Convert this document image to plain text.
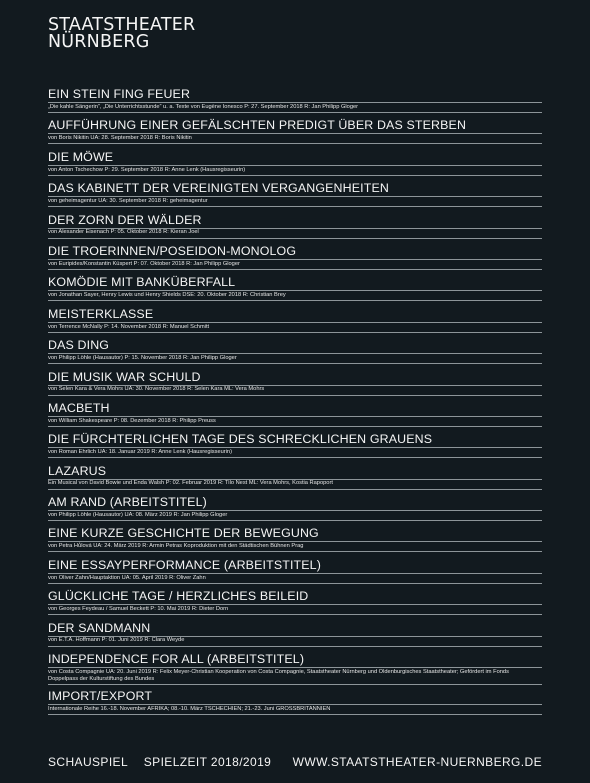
STAATSTHEATER
NÜRNBERG
EIN STEIN FING FEUER
„Die kahle Sängerin“, „Die Unterrichtsstunde“ u. a. Texte von Eugène Ionesco P: 27. September 2018 R: Jan Philipp Gloger
AUFFÜHRUNG EINER GEFÄLSCHTEN PREDIGT ÜBER DAS STERBEN
von Boris Nikitin UA: 28. September 2018 R: Boris Nikitin
DIE MÖWE
von Anton Tschechow P: 29. September 2018 R: Anne Lenk (Hausregisseurin)
DAS KABINETT DER VEREINIGTEN VERGANGENHEITEN
von geheimagentur UA: 30. September 2018 R: geheimagentur
DER ZORN DER WÄLDER
von Alexander Eisenach P: 05. Oktober 2018 R: Kieran Joel
DIE TROERINNEN/POSEIDON-MONOLOG
von Euripides/Konstantin Küspert P: 07. Oktober 2018 R: Jan Philipp Gloger
KOMÖDIE MIT BANKÜBERFALL
von Jonathan Sayer, Henry Lewis und Henry Shields DSE: 20. Oktober 2018 R: Christian Brey
MEISTERKLASSE
von Terrence McNally P: 14. November 2018 R: Manuel Schmitt
DAS DING
von Philipp Löhle (Hausautor) P: 15. November 2018 R: Jan Philipp Gloger
DIE MUSIK WAR SCHULD
von Selen Kara & Vera Mohrs UA: 30. November 2018 R: Selen Kara ML: Vera Mohrs
MACBETH
von William Shakespeare P: 08. Dezember 2018 R: Philipp Preuss
DIE FÜRCHTERLICHEN TAGE DES SCHRECKLICHEN GRAUENS
von Roman Ehrlich UA: 18. Januar 2019 R: Anne Lenk (Hausregisseurin)
LAZARUS
Ein Musical von David Bowie und Enda Walsh P: 02. Februar 2019 R: Tilo Nest ML: Vera Mohrs, Kostia Rapoport
AM RAND (ARBEITSTITEL)
von Philipp Löhle (Hausautor) UA: 08. März 2019 R: Jan Philipp Gloger
EINE KURZE GESCHICHTE DER BEWEGUNG
von Petra Hůlová UA: 24. März 2019 R: Armin Petras Koproduktion mit den Städtischen Bühnen Prag
EINE ESSAYPERFORMANCE (ARBEITSTITEL)
von Oliver Zahn/Hauptaktion UA: 05. April 2019 R: Oliver Zahn
GLÜCKLICHE TAGE / HERZLICHES BEILEID
von Georges Feydeau / Samuel Beckett P: 10. Mai 2019 R: Dieter Dorn
DER SANDMANN
von E.T.A. Hoffmann P: 01. Juni 2019 R: Clara Weyde
INDEPENDENCE FOR ALL (ARBEITSTITEL)
von Costa Compagnie UA: 20. Juni 2019 R: Felix Meyer-Christian Kooperation von Costa Compagnie, Staatstheater Nürnberg und Oldenburgisches Staatstheater; Gefördert im Fonds Doppelpass der Kulturstiftung des Bundes
IMPORT/EXPORT
Internationale Reihe 16.-18. November AFRIKA; 08.-10. März TSCHECHIEN; 21.-23. Juni GROSSBRITANNIEN
SCHAUSPIEL SPIELZEIT 2018/2019	WWW.STAATSTHEATER-NUERNBERG.DE
